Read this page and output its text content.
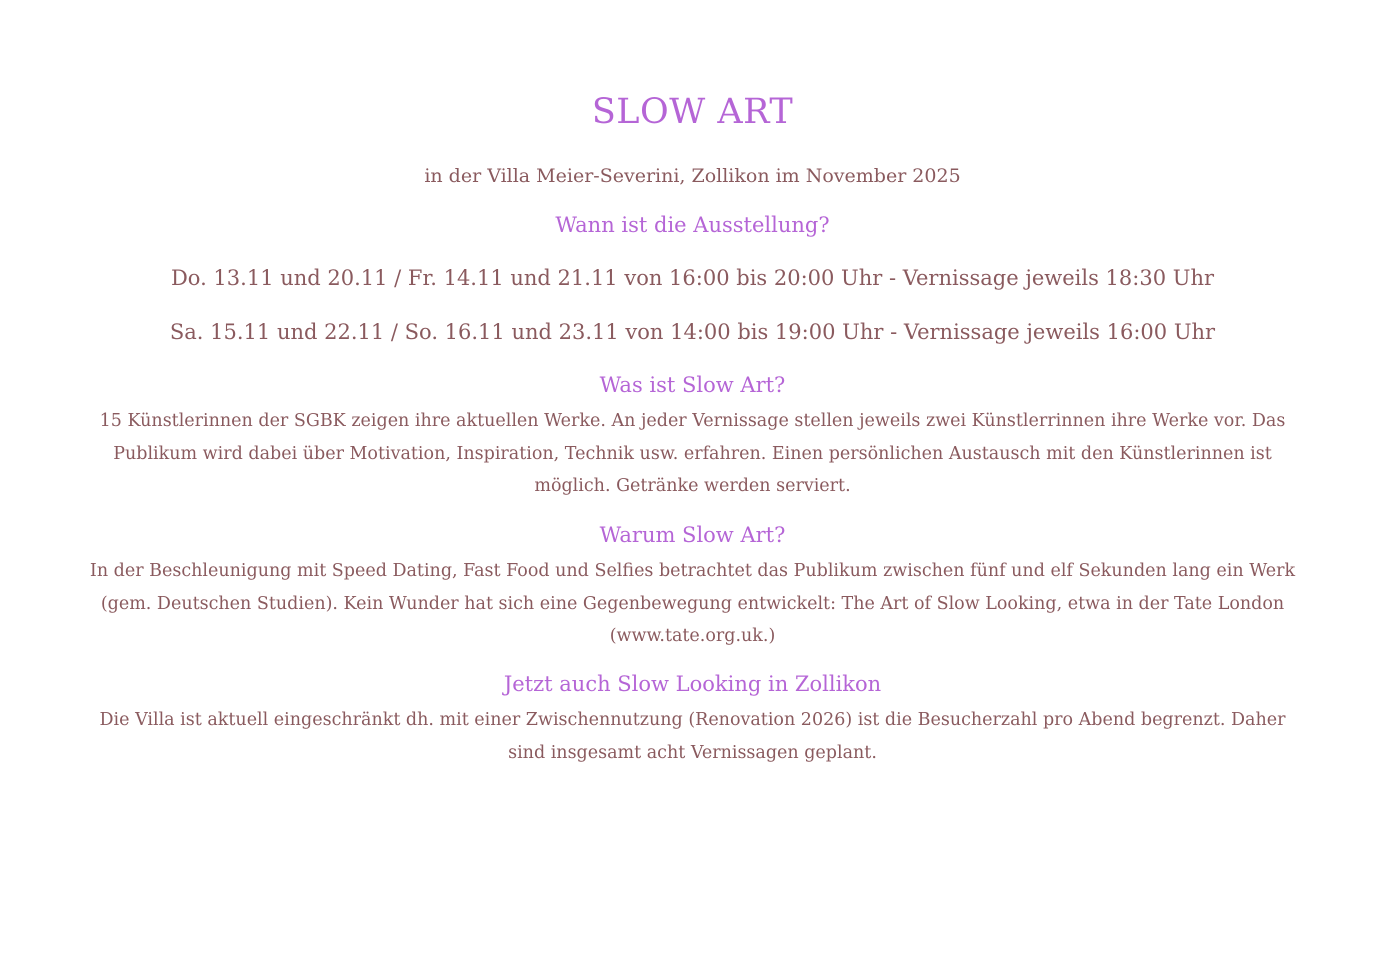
SLOW ART
in der Villa Meier-Severini, Zollikon im November 2025
Wann ist die Ausstellung?
Do. 13.11 und 20.11 / Fr. 14.11 und 21.11 von 16:00 bis 20:00 Uhr - Vernissage jeweils 18:30 Uhr
Sa. 15.11 und 22.11 / So. 16.11 und 23.11 von 14:00 bis 19:00 Uhr - Vernissage jeweils 16:00 Uhr
Was ist Slow Art?
15 Künstlerinnen der SGBK zeigen ihre aktuellen Werke. An jeder Vernissage stellen jeweils zwei Künstlerrinnen ihre Werke vor. Das Publikum wird dabei über Motivation, Inspiration, Technik usw. erfahren. Einen persönlichen Austausch mit den Künstlerinnen ist möglich. Getränke werden serviert.
Warum Slow Art?
In der Beschleunigung mit Speed Dating, Fast Food und Selfies betrachtet das Publikum zwischen fünf und elf Sekunden lang ein Werk (gem. Deutschen Studien). Kein Wunder hat sich eine Gegenbewegung entwickelt: The Art of Slow Looking, etwa in der Tate London (www.tate.org.uk.)
Jetzt auch Slow Looking in Zollikon
Die Villa ist aktuell eingeschränkt dh. mit einer Zwischennutzung (Renovation 2026) ist die Besucherzahl pro Abend begrenzt. Daher sind insgesamt acht Vernissagen geplant.
